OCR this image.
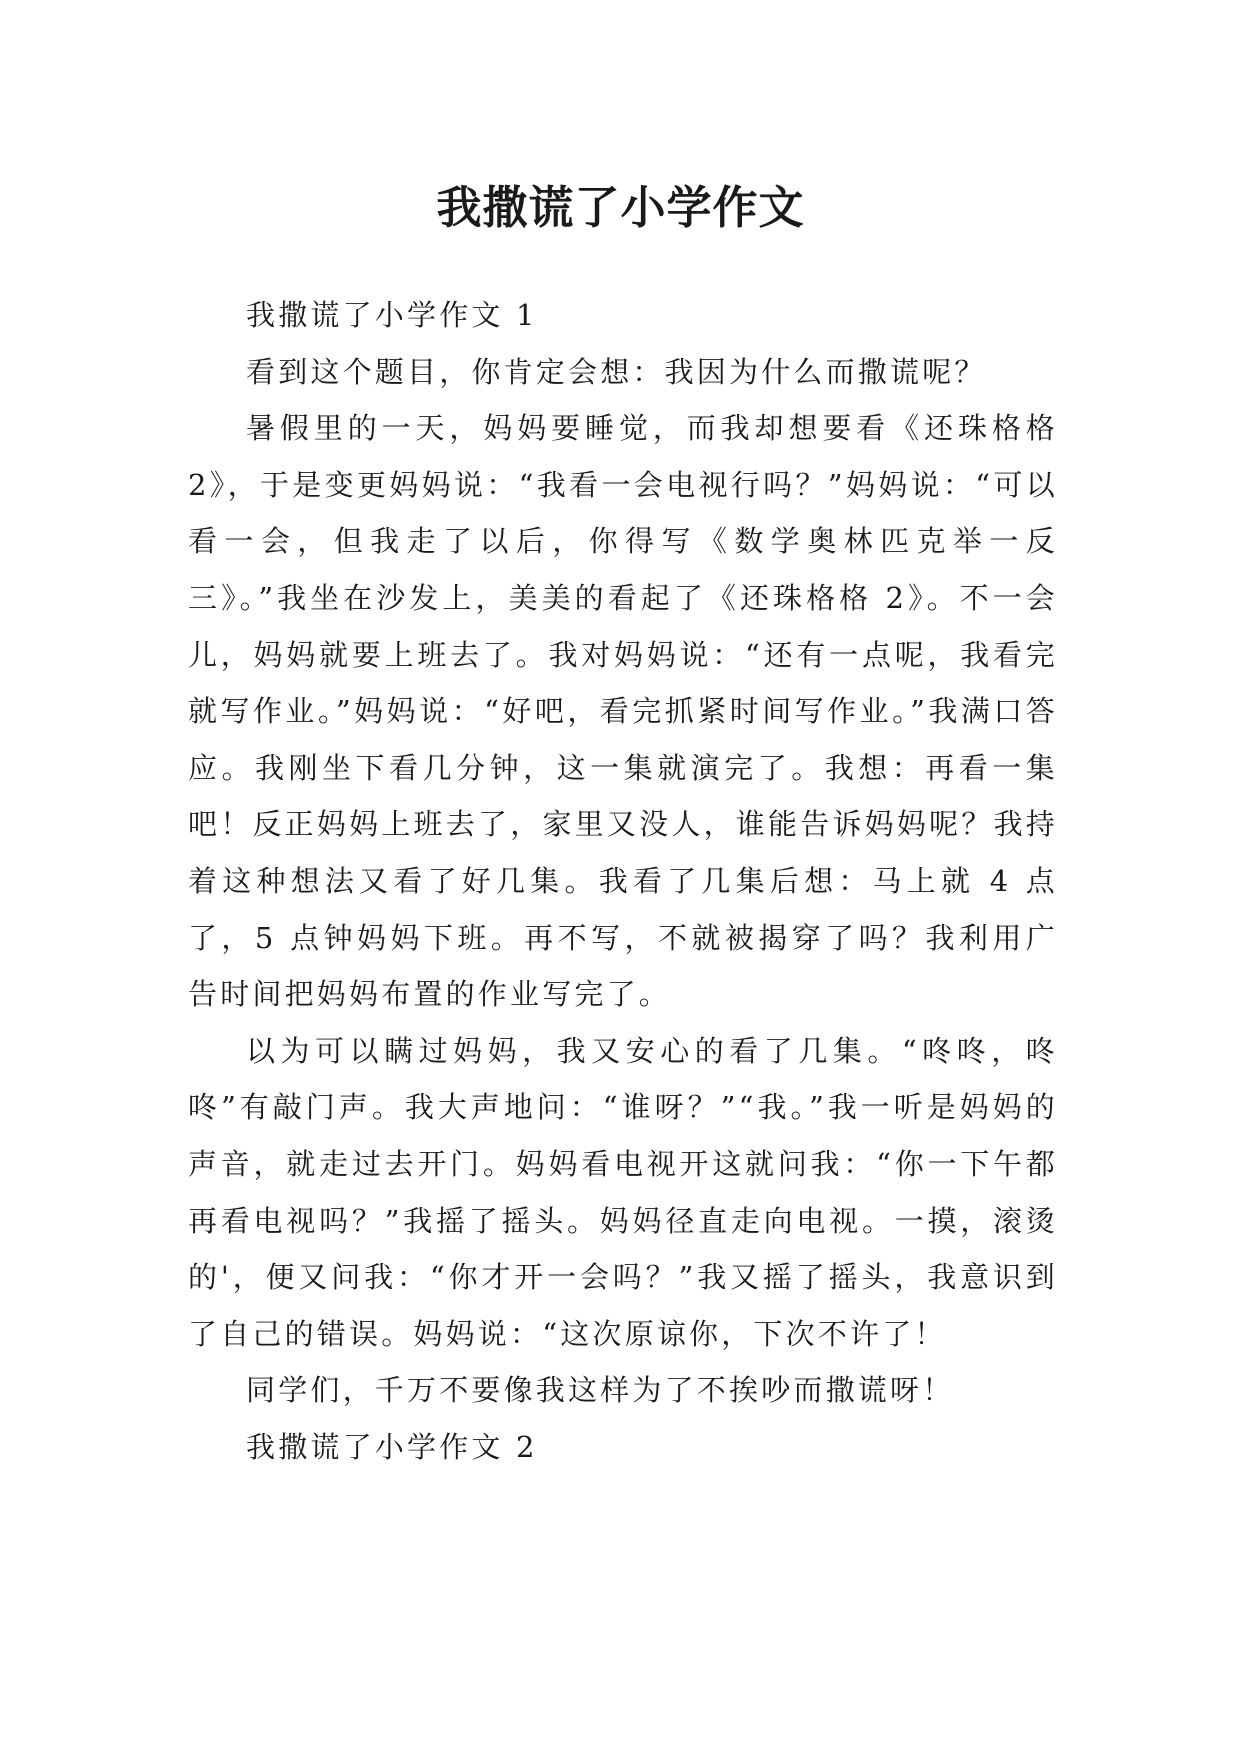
我撒谎了小学作文

我撒谎了小学作文 1

看到这个题目，你肯定会想：我因为什么而撒谎呢？

暑假里的一天，妈妈要睡觉，而我却想要看《还珠格格 2》，于是变更妈妈说：“我看一会电视行吗？”妈妈说：“可以看一会，但我走了以后，你得写《数学奥林匹克举一反三》。”我坐在沙发上，美美的看起了《还珠格格 2》。不一会儿，妈妈就要上班去了。我对妈妈说：“还有一点呢，我看完就写作业。”妈妈说：“好吧，看完抓紧时间写作业。”我满口答应。我刚坐下看几分钟，这一集就演完了。我想：再看一集吧！反正妈妈上班去了，家里又没人，谁能告诉妈妈呢？我持着这种想法又看了好几集。我看了几集后想：马上就 4 点了，5 点钟妈妈下班。再不写，不就被揭穿了吗？我利用广告时间把妈妈布置的作业写完了。

以为可以瞒过妈妈，我又安心的看了几集。“咚咚，咚咚”有敲门声。我大声地问：“谁呀？”“我。”我一听是妈妈的声音，就走过去开门。妈妈看电视开这就问我：“你一下午都再看电视吗？”我摇了摇头。妈妈径直走向电视。一摸，滚烫的'，便又问我：“你才开一会吗？”我又摇了摇头，我意识到了自己的错误。妈妈说：“这次原谅你，下次不许了！

同学们，千万不要像我这样为了不挨吵而撒谎呀！

我撒谎了小学作文 2
